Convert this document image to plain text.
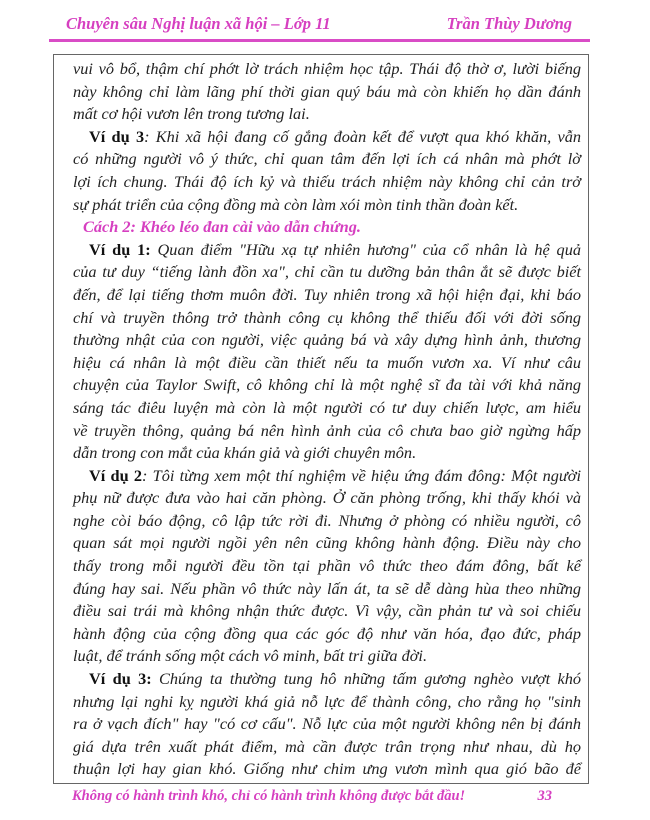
Chuyên sâu Nghị luận xã hội – Lớp 11	Trần Thùy Dương
vui vô bổ, thậm chí phớt lờ trách nhiệm học tập. Thái độ thờ ơ, lười biếng
này không chỉ làm lãng phí thời gian quý báu mà còn khiến họ dần đánh
mất cơ hội vươn lên trong tương lai.
Ví dụ 3: Khi xã hội đang cố gắng đoàn kết để vượt qua khó khăn, vẫn
có những người vô ý thức, chỉ quan tâm đến lợi ích cá nhân mà phớt lờ
lợi ích chung. Thái độ ích kỷ và thiếu trách nhiệm này không chỉ cản trở
sự phát triển của cộng đồng mà còn làm xói mòn tinh thần đoàn kết.
Cách 2: Khéo léo đan cài vào dẫn chứng.
Ví dụ 1: Quan điểm "Hữu xạ tự nhiên hương" của cổ nhân là hệ quả
của tư duy “tiếng lành đồn xa", chỉ cần tu dưỡng bản thân ắt sẽ được biết
đến, để lại tiếng thơm muôn đời. Tuy nhiên trong xã hội hiện đại, khi báo
chí và truyền thông trở thành công cụ không thể thiếu đối với đời sống
thường nhật của con người, việc quảng bá và xây dựng hình ảnh, thương
hiệu cá nhân là một điều cần thiết nếu ta muốn vươn xa. Ví như câu
chuyện của Taylor Swift, cô không chỉ là một nghệ sĩ đa tài với khả năng
sáng tác điêu luyện mà còn là một người có tư duy chiến lược, am hiểu
về truyền thông, quảng bá nên hình ảnh của cô chưa bao giờ ngừng hấp
dẫn trong con mắt của khán giả và giới chuyên môn.
Ví dụ 2: Tôi từng xem một thí nghiệm về hiệu ứng đám đông: Một người
phụ nữ được đưa vào hai căn phòng. Ở căn phòng trống, khi thấy khói và
nghe còi báo động, cô lập tức rời đi. Nhưng ở phòng có nhiều người, cô
quan sát mọi người ngồi yên nên cũng không hành động. Điều này cho
thấy trong mỗi người đều tồn tại phần vô thức theo đám đông, bất kể
đúng hay sai. Nếu phần vô thức này lấn át, ta sẽ dễ dàng hùa theo những
điều sai trái mà không nhận thức được. Vì vậy, cần phản tư và soi chiếu
hành động của cộng đồng qua các góc độ như văn hóa, đạo đức, pháp
luật, để tránh sống một cách vô minh, bất tri giữa đời.
Ví dụ 3: Chúng ta thường tung hô những tấm gương nghèo vượt khó
nhưng lại nghi kỵ người khá giả nỗ lực để thành công, cho rằng họ "sinh
ra ở vạch đích" hay "có cơ cấu". Nỗ lực của một người không nên bị đánh
giá dựa trên xuất phát điểm, mà cần được trân trọng như nhau, dù họ
thuận lợi hay gian khó. Giống như chim ưng vươn mình qua gió bão để
Không có hành trình khó, chỉ có hành trình không được bắt đầu!	33
